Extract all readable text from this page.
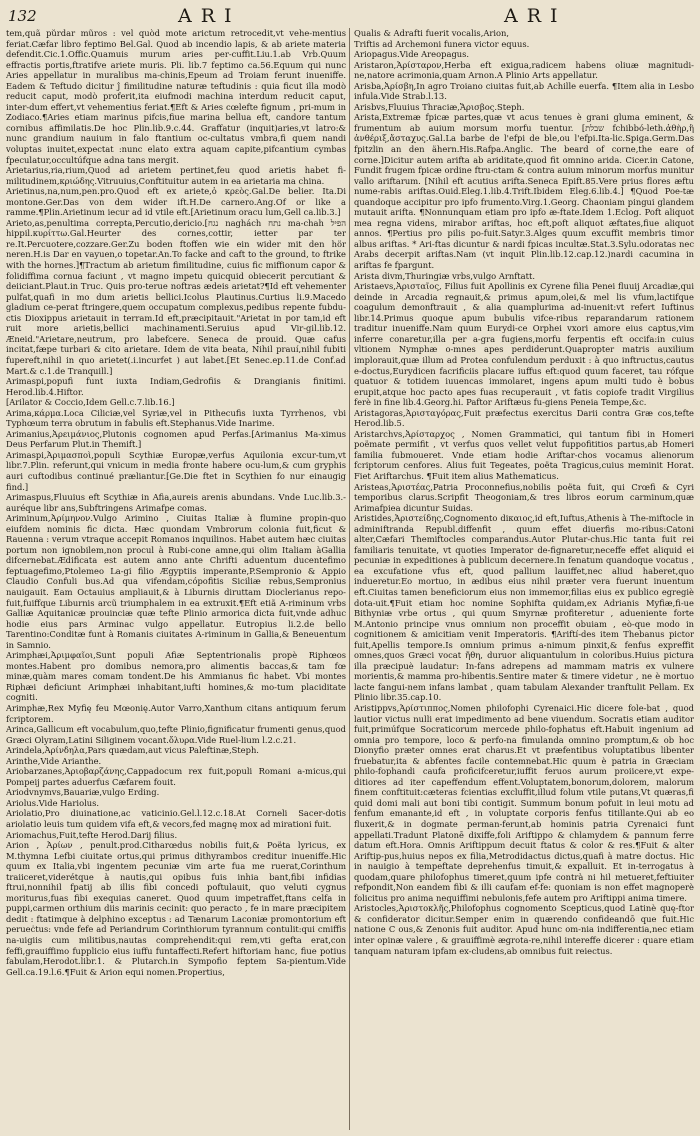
132	ARI	ARI

tem,quã pŭrdar mũros : vel quòd mote arictum retrocedit,vt vehe-mentius feriat.Cæfar libro feptimo Bel.Gal. Quod ab incendio lapis, & ab ariete materia defendit.Cic.1.Offic.Quamuis murum aries per-cuffit.Liu.1.ab Vrb.Quum effractis portis,ftratifve ariete muris. Pli. lib.7 feptimo ca.56.Equum qui nunc Aries appellatur in muralibus ma-chinis,Epeum ad Troiam ferunt inueniffe. Eadem & Teftudo dicitur ĵ fimilitudine naturæ teftudinis : quia ficut illa modò reducit caput, modò proferit,ita eiufmodi machina interdum reducit caput, inter-dum effert,vt vehementius feriat.¶Eft & Aries cœlefte fignum , pri-mum in Zodiaco.¶Aries etiam marinus pifcis,fiue marina bellua eft, candore tantum cornibus affimilatis.De hoc Plin.lib.9.c.44. Graffatur (inquit)aries,vt latro:& nunc grandium nauium in falo ftantium oc-cultatus vmbra,fi quem nandi voluptas inuitet,expectat :nunc elato extra aquam capite,pifcantium cymbas fpeculatur,occultúfque adna tans mergit.

Arietarius,ria,rium,Quod ad arietem pertinet,feu quod arietis habet fi-militudinem,κριώδης.Vitruuius,Conftituitur autem in ea arietaria ma china.

Arietinus,na,num,pen.pro.Quod eft ex ariete,ὁ κρεὸς.Gal.De belier. Ita.Di montone.Ger.Das von dem wider ift.H.De carnero.Ang.Of or like a ramme.¶Plin.Arietinum iecur ad id vtile eft.[Arietinum oracu lum,Gell ca.lib.3.]

Arieto,as,penultima correpta,Percutio,dericio.[נגח naghách נתח ma-chah הפיל hippil.κυρίττω.Gal.Heurter des cornes,cottir, ietter par ter re.It.Percuotere,cozzare.Ger.Zu boden ftoffen wie ein wider mit den hör neren.H.is Dar en vayuen,o topetar.An.To facke and caft to the ground, to ftrike with the hornes.]¶Tractum ab arietum fimilitudine, cuius fic miffionum capor & folidiffima cornua faciunt , vt magno impetu quicquid obiecerit percutiant & deiiciant.Plaut.in Truc. Quis pro-terue noftras ædeis arietat?¶Id eft vehementer pulfat,quafi in mo dum arietis bellici.Icolus Plautinus.Curtius li.9.Macedo gladium ce-perat ftringere,quem occupatum complexus,pedibus repente fubdu-ctis Dioxippus arietauit in terram.Id eft,præcipitauit."Arietat in por tam,id eft ruit more arietis,bellici machinamenti.Seruius apud Vir-gil.lib.12. Æneid."Arietare,neutrum, pro labefcere. Seneca de prouid. Quæ cafus incitat,fæpe turbari & cito arietare. Idem de vita beata, Nihil prauí,nihil fubiti fupereft,nihil in quo arietet(.i.incurfet ) aut labet.[Et Senec.ep.11.de Conf.ad Mart.& c.1.de Tranquill.]

Arimaspi,popufi funt iuxta Indiam,Gedrofiis & Drangianis finitimi. Herod.lib.4.Hiftor.

[Arilator & Coccio,Idem Gell.c.7.lib.16.]

Arima,κάρμα.Loca Ciliciæ,vel Syriæ,vel in Pithecufis iuxta Tyrrhenos, vbi Typhœum terra obrutum in fabulis eft.Stephanus.Vide Inarime.

Arimanius,Ἀρειμάνιος,Plutonis cognomen apud Perfas.[Arimanius Ma-ximus Deus Perfarum Plut.in Themift.]

Arimaspi,Ἀριμασποὶ,populi Scythiæ Europæ,verfus Aquilonia excur-tum,vt libr.7.Plin. referunt,qui vnicum in media fronte habere ocu-lum,& cum gryphis auri cuftodibus continué præliantur.[Ge.Die ftet in Scythien fo nur einaugig find.]

Arimaspus,Fluuius eft Scythiæ in Afia,aureis arenis abundans. Vnde Luc.lib.3.- auréque libr ans,Subftringens Arimafpe comas.

Ariminum,Ἀρίμηνον.Vulgo Arimino , Ciuitas Italiæ à flumine propin-quo eiufdem nominis fic dicta. Hæc quondam Vmbrorum colonia fuit,ficut & Rauenna : verum vtraque accepit Romanos inquilinos. Habet autem hæc ciuitas portum non ignobilem,non procul à Rubi-cone amne,qui olim Italiam àGallia difcernebat.Ædificata est autem anno ante Chrifti aduentum ducentefimo feptuagefimo,Ptolemeo La-gi filio Ægyptiis imperante,P.Sempronio & Appio Claudio Confuli bus.Ad qua vifendam,cópofitis Siciliæ rebus,Sempronius nauigauit. Eam Octauius ampliauit,& à Liburnis diruttam Dioclerianus repo-fuit,fuiffque Liburnis arcũ triumphalem in ea extruxit.¶Eft etiã A-riminum vrbs Galliæ Aquitanicæ prouinciæ quæ tefte Plinio armorica dicta fuit,vnde adhuc hodie eius pars Arminac vulgo appellatur. Eutropius li.2.de bello Tarentino:Conditæ funt à Romanis ciuitates A-riminum in Gallia,& Beneuentum in Samnio.

Arimphæi,Ἀριμφαῖοι,Sunt populi Afiæ Septentrionalis propè Riphœos montes.Habent pro domibus nemora,pro alimentis baccas,& tam fœ minæ,quàm mares comam tondent.De his Ammianus fic habet. Vbi montes Riphæi deficiunt Arimphæi inhabitant,iufti homines,& mo-tum placiditate cogniti.

Arimphæ,Rex Myfię feu Mœonię.Autor Varro,Xanthum citans antiquum ferum fcriptorem.

Arinca,Gallicum eft vocabulum,quo,tefte Plinio,fignificatur frumenti genus,quod Græci Olyram,Latini Siliginem vocant.ὄλυρα.Vide Ruel-lium l.2.c.21.

Arindela,Ἀρίνδηλα,Pars quædam,aut vicus Paleftinæ,Steph.

Arinthe,Vide Arianthe.

Ariobarzanes,Ἀριοβαρζάνης,Cappadocum rex fuit,populi Romani a-micus,qui Pompeij partes aduerfus Cæfarem fouit.

Ariodvnymvs,Bauariæ,vulgo Erding.

Ariolus.Vide Hariolus.

Ariolatio,Pro diuinatione,ac vaticinio.Gel.l.12.c.18.At Corneli Sacer-dotis ariolatio leuis tum quidem vifa eft,& vecors,fed magnę mox ad mirationi fuit.

Ariomachus,Fuit,tefte Herod.Darij filius.

Arion , Ἀρίων , penult.prod.Citharœdus nobilis fuit,& Poëta lyricus, ex M.thymna Lefbi ciuitate ortus,qui primus dithyrambos creditur inueniffe.Hic quum ex Italia,vbi ingentem pecuniæ vim arte fua me ruerat,Corinthum traiiceret,viderétque à nautis,qui opibus fuis inhia bant,fibi infidias ftrui,nonnihil fpatij ab illis fibi concedi poftulauit, quo veluti cygnus moriturus,fuas fibi exequias caneret. Quod quum impetraffet,ftans celfa in puppi,carmen orthium diis marinis cecinit: quo peracto , fe in mare præcipitem dedit : ftatimque à delphino exceptus : ad Tænarum Laconiæ promontorium eft perueċtus: vnde fefe ad Periandrum Corinthiorum tyrannum contulit:qui cmiffis na-uigiis cum militibus,nautas comprehendit:qui rem,vti gefta erat,con feffi,grauiffimo fupplicio eius iuffu funtaffecti.Refert hiftoriam hanc, fiue potius fabulam,Herodot.libr.1. & Plutarch.in Sympofio feptem Sa-pientum.Vide Gell.ca.19.l.6.¶Fuit & Arion equi nomen.Propertius,

Qualis & Adrafti fuerit vocalis,Arion,

Triftis ad Archemoni funera victor equus.

Ariopagus.Vide Areopagus.

Aristaron,Ἀρίσταρον,Herba eft exigua,radicem habens oliuæ magnitudi-ne,natore acrimonia,quam Arnon.A Plinio Arts appellatur.

Arisba,Ἀρίσβη,In agro Troiano ciuitas fuit,ab Achille euerfa. ¶Item alia in Lesbo infula.Vide Strab.l.13.

Arisbvs,Fluuius Thraciæ,Ἄρισβος.Steph.

Arista,Extremæ fpicæ partes,quæ vt acus tenues è grani gluma eminent, & frumentum ab auium morsum morfu tuentur. [שבלת fchibbó-leth.ἀθὴρ,ἢ ἀνθέριξ,ἄσταχυς.Gal.La barbe de l'efpi de ble,ou l'efpi.Ita-lic.Spiga.Germ.Das fpitzlin an den ähern.His.Rafpa.Anglic. The beard of corne,the eare of corne.]Dicitur autem arifta ab ariditate,quod fit omnino arida. Cicer.in Catone, Fundit frugem fpicæ ordine ftru-ctam & contra auium minorum morfus munitur vallo ariftarum. [Nihil eft acutius arifta.Seneca Epift.85.Vere prius flores æftu nume-rabis ariftas.Ouid.Eleg.1.lib.4.Trift.Ibidem Eleg.6.lib.4.] ¶Quod Poe-tæ quandoque accipitur pro ipfo frumento.Virg.1.Georg. Chaoniam pingui glandem mutauit arifta. ¶Nonnunquam etiam pro ipfo æ-ftate.Idem 1.Eclog. Poft aliquot mea regna videns, mirabor ariftas, hoc eft,poft aliquot æftates,fiue aliquot annos. ¶Pertius pro pilis po-fuit.Satyr.3.Alges quum excuffit membris timor albus ariftas. * Ari-ftas dicuntur & nardi fpicas incultæ.Stat.3.Sylu.odoratas nec Arabs decerpit ariftas.Nam (vt inquit Plin.lib.12.cap.12.)nardi cacumina in ariftas fe fpargunt.

Arista divm,Thuringiæ vrbs,vulgo Arnftatt.

Aristaevs,Ἀρισταῖος, Filius fuit Apollinis ex Cyrene filia Penei fluuij Arcadiæ,qui deinde in Arcadia regnauit,& primus apum,olei,& mel lis vfum,lactifque coagulum demonftrauit , & alia quamplurima ad-inuenit:vt refert Iuftinus libr.14.Primus quoque apum bubulis vifce-ribus reparandarum rationem traditur inueniffe.Nam quum Eurydi-ce Orphei vxori amore eius captus,vim inferre conaretur,illa per a-gra fugiens,morfu ferpentis eft occifa:in cuius vltionem Nymphæ o-mnes apes perdiderunt.Quapropter matris auxilium implorauit,quæ illum ad Protea confulendum perduxit : à quo inftructus,cautus e-doctus,Eurydicen facrificiis placare iuffus eft:quod quum faceret, tau rófque quatuor & totidem iuuencas immolaret, ingens apum multi tudo è bobus erupit,atque hoc pacto apes fuas recuperauit , vt fatis copiofe tradit Virgilius ferè in fine lib.4.Georg.hi. Paftor Ariftæus fu-giens Peneia Tempe,&c.

Aristagoras,Ἀρισταγόρας,Fuit præfectus exercitus Darii contra Græ cos,tefte Herod.lib.5.

Aristarchvs,Ἀρίσταρχος , Nomen Grammatici, qui tantum fibi in Homeri poëmate permifit , vt verfus quos vellet velut fuppofititios partus,ab Homeri familia fubmoueret. Vnde etiam hodie Ariftar-chos vocamus alienorum fcriptorum cenfores. Alius fuit Tegeates, poëta Tragicus,cuius meminit Horat. Fiet Ariftarchus. ¶Fuit item alius Mathematicus.

Aristeas,Ἀριστέας,Patria Proconnefius,nobilis poëta fuit, qui Crœfi & Cyri temporibus clarus.Scripfit Theogoniam,& tres libros eorum carminum,quæ Arimafpiea dicuntur Suidas.

Aristides,Ἀριστείδης,Cognomento diκαιος,id eft,Iuftus,Athenis à The-miftocle in adminiftranda Republ.diffenfit , quum effet diuerfis mo-ribus:Catoni alter,Cæfari Themiftocles comparandus.Autor Plutar-chus.Hic tanta fuit rei familiaris tenuitate, vt quoties Imperator de-fignaretur,neceffe effet aliquid ei pecuniæ in expeditiones à publicum decernere.In fenatum quandoque vocatus , ea excufatione vfus eft, quod pallium lauiffet,nec aliud haberet,quo indueretur.Eo mortuo, in ædibus eius nihil præter vera fuerunt inuentum eft.Ciuitas tamen beneficiorum eius non immemor,filias eius ex publico egregiè dota-uit.¶Fuit etiam hoc nomine Sophifta quidam,ex Adrianis Myfiæ,fi-ue Bithyniæ vrbe ortus , qui quum Smyrnæ profiteretur , adueniente forte M.Antonio principe vnus omnium non proceffit obuiam , eò-que modo in cognitionem & amicitiam venit Imperatoris. ¶Ariftí-des item Thebanus pictor fuit,Apellis tempore.Is omnium primus a-nimum pinxit,& fenfus expreffit omnes,quos Græci vocat ἤθη, duruor aliquantulum in coloribus.Huius pictura illa præcipuè laudatur: In-fans adrepens ad mammam matris ex vulnere morientis,& mamma pro-hibentis.Sentire mater & timere videtur , ne è mortuo lacte fangui-nem infans lambat , quam tabulam Alexander tranftulit Pellam. Ex Plinio libr.35.cap.10.

Aristippvs,Ἀρίστιππος,Nomen philofophi Cyrenaici.Hic dicere fole-bat , quod lautior victus nulli erat impedimento ad bene viuendum. Socratis etiam auditor fuit,primúfque Socraticorum mercede philo-fophatus eft.Habuit ingenium ad omnia pro tempore, loco & perfo-na fimulanda omnino promptum,& ob hoc Dionyfio præter omnes erat charus.Et vt præfentibus voluptatibus libenter fruebatur,ita & abfentes facile contemnebat.Hic quum è patria in Græciam philo-fophandi caufa proficifceretur,iuffit feruos aurum proiicere,vt expe-ditiores ad iter capeffendum effent.Voluptatem,bonorum,dolorem, malorum finem conftituit:cæteras fcientias excluffit,illud folum vtile putans,Vt quæras,fi quid domi mali aut boni tibi contigit. Summum bonum pofuit in leui motu ad fenfum emanante,id eft , in voluptate corporis fenfus titillante.Qui ab eo fluxerit,& in dogmate perman-ferunt,ab hominis patria Cyrenaici funt appellati.Tradunt Platonē dixiffe,foli Ariftippo & chlamydem & pannum ferre datum eft.Hora. Omnis Ariftippum decuit ftatus & color & res.¶Fuit & alter Ariftip-pus,huius nepos ex filia,Metrodidactus dictus,quafi à matre doctus. Hic in nauigio à tempeftate deprehenfus timuit,& expalluit. Et in-terrogatus à quodam,quare philofophus timeret,quum ipfe contrà ni hil metueret,feftiuiter refpondit,Non eandem fibi & illi caufam ef-fe: quoniam is non effet magnoperè folicitus pro anima nequiffimi nebulonis,fefe autem pro Ariftippi anima timere.

Aristocles,Ἀριστοκλῆς,Philofophus cognomento Scepticus,quod Latinè quę-ftor & confiderator dicitur.Semper enim in quærendo confideandō que fuit.Hic natione C ous,& Zenonis fuit auditor. Apud hunc om-nia indifferentia,nec etiam inter opinæ valere , & grauiffimè ægrota-re,nihil intereffe dicerer : quare etiam tanquam naturam ipfam ex-cludens,ab omnibus fuit reiectus.
